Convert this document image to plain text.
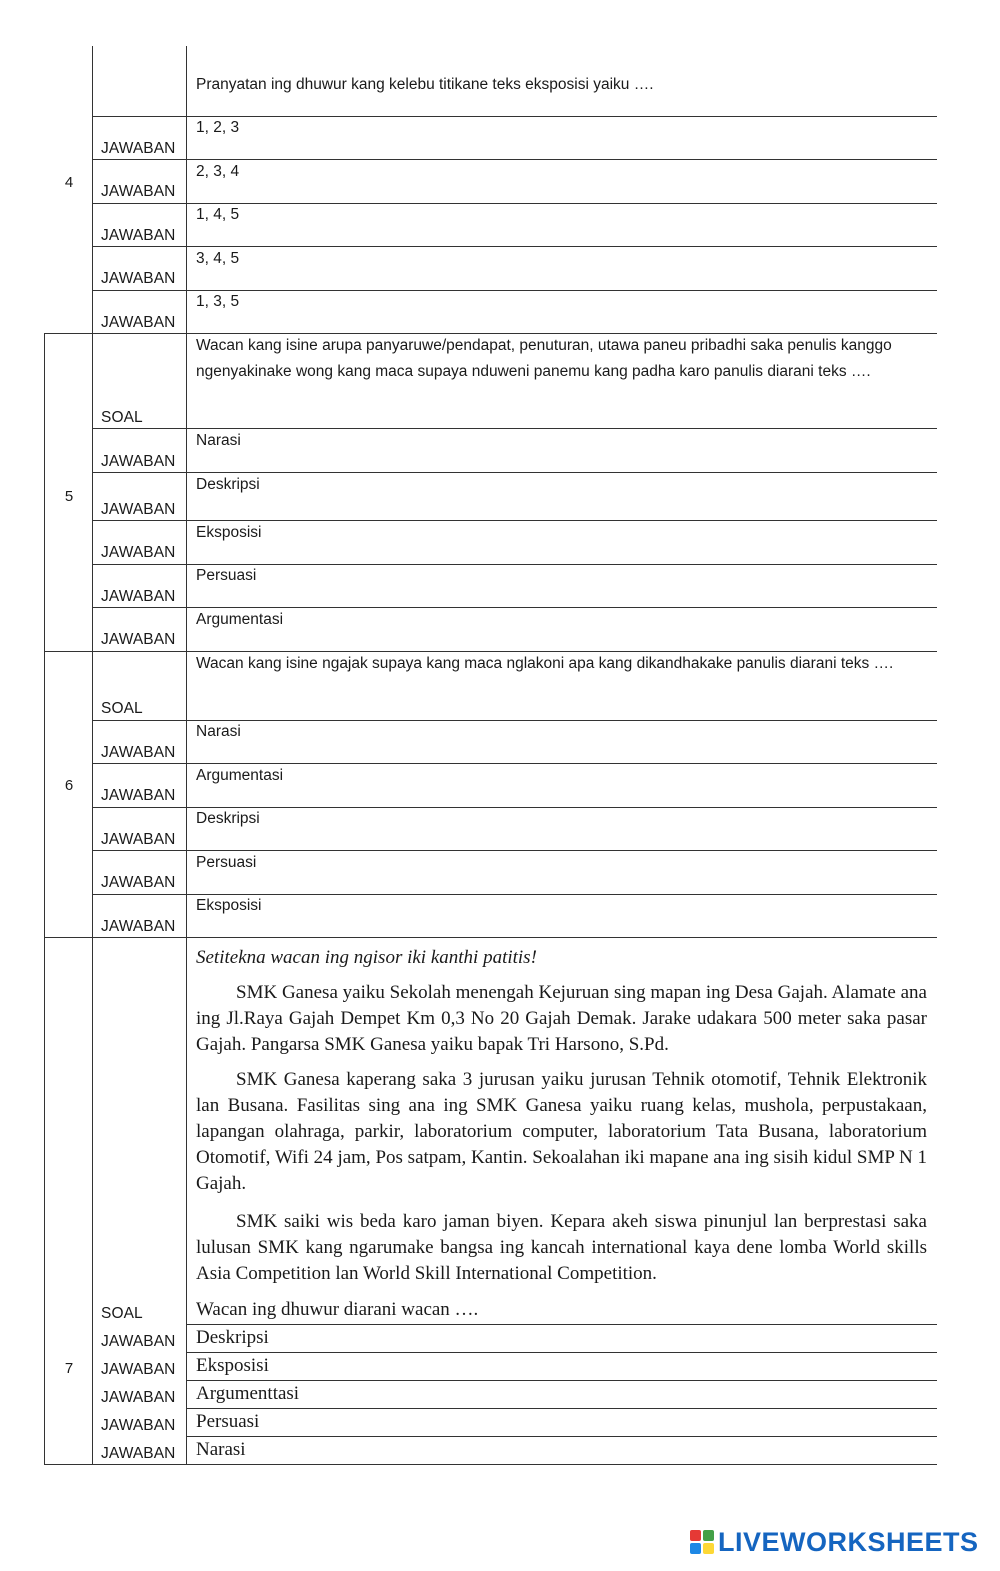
4
Pranyatan ing dhuwur kang kelebu titikane teks eksposisi yaiku ….
JAWABAN
1, 2, 3
JAWABAN
2, 3, 4
JAWABAN
1, 4, 5
JAWABAN
3, 4, 5
JAWABAN
1, 3, 5
5
SOAL
Wacan kang isine arupa panyaruwe/pendapat, penuturan, utawa paneu pribadhi saka penulis kanggo ngenyakinake wong kang maca supaya nduweni panemu kang padha karo panulis diarani teks ….
JAWABAN
Narasi
JAWABAN
Deskripsi
JAWABAN
Eksposisi
JAWABAN
Persuasi
JAWABAN
Argumentasi
6
SOAL
Wacan kang isine ngajak supaya kang maca nglakoni apa kang dikandhakake panulis diarani teks ….
JAWABAN
Narasi
JAWABAN
Argumentasi
JAWABAN
Deskripsi
JAWABAN
Persuasi
JAWABAN
Eksposisi
7
Setitekna wacan ing ngisor iki kanthi patitis!
SMK Ganesa yaiku Sekolah menengah Kejuruan sing mapan ing Desa Gajah. Alamate ana ing Jl.Raya Gajah Dempet Km 0,3 No 20 Gajah Demak. Jarake udakara 500 meter saka pasar Gajah. Pangarsa SMK Ganesa yaiku bapak Tri Harsono, S.Pd.
SMK Ganesa kaperang saka 3 jurusan yaiku jurusan Tehnik otomotif, Tehnik Elektronik lan Busana. Fasilitas sing ana ing SMK Ganesa yaiku ruang kelas, mushola, perpustakaan, lapangan olahraga, parkir, laboratorium computer, laboratorium Tata Busana, laboratorium Otomotif, Wifi 24 jam, Pos satpam, Kantin. Sekoalahan iki mapane ana ing sisih kidul SMP N 1 Gajah.
SMK saiki wis beda karo jaman biyen. Kepara akeh siswa pinunjul lan berprestasi saka lulusan SMK kang ngarumake bangsa ing kancah international kaya dene lomba World skills Asia Competition lan World Skill International Competition.
SOAL	Wacan ing dhuwur diarani wacan ….
JAWABAN Deskripsi
JAWABAN Eksposisi
JAWABAN Argumenttasi
JAWABAN Persuasi
JAWABAN Narasi
LIVEWORKSHEETS
